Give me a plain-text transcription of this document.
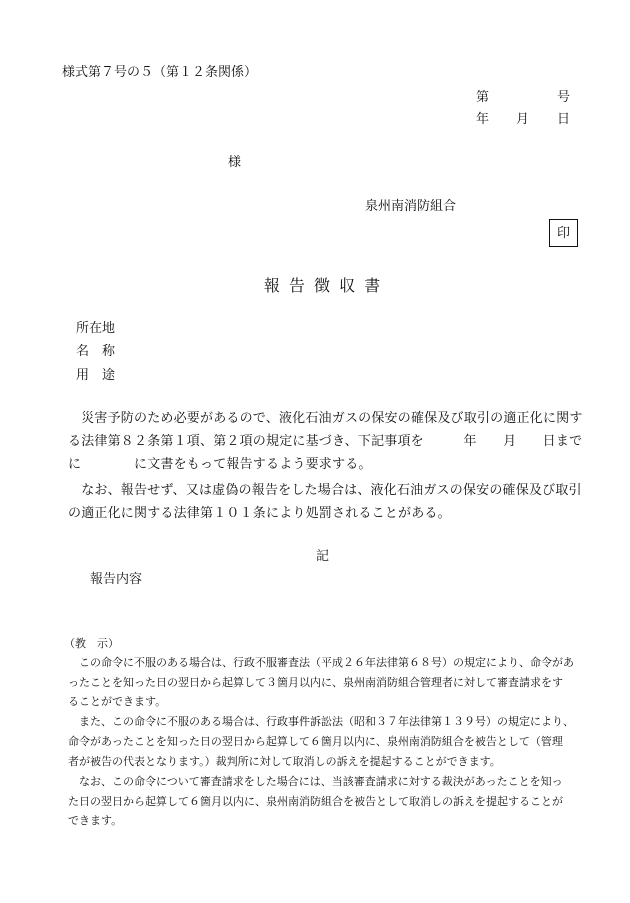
様式第７号の５（第１２条関係）
第	号
年 月 日
様
泉州南消防組合
印
報 告 徴 収 書
所在地
名　称
用　途
　災害予防のため必要があるので、液化石油ガスの保安の確保及び取引の適正化に関す
る法律第８２条第１項、第２項の規定に基づき、下記事項を　　　年　　月　　日まで
に　　　　に文書をもって報告するよう要求する。
　なお、報告せず、又は虚偽の報告をした場合は、液化石油ガスの保安の確保及び取引
の適正化に関する法律第１０１条により処罰されることがある。
記
報告内容
（教　示）
　この命令に不服のある場合は、行政不服審査法（平成２６年法律第６８号）の規定により、命令があ
ったことを知った日の翌日から起算して３箇月以内に、泉州南消防組合管理者に対して審査請求をす
ることができます。
　また、この命令に不服のある場合は、行政事件訴訟法（昭和３７年法律第１３９号）の規定により、
命令があったことを知った日の翌日から起算して６箇月以内に、泉州南消防組合を被告として（管理
者が被告の代表となります。）裁判所に対して取消しの訴えを提起することができます。
　なお、この命令について審査請求をした場合には、当該審査請求に対する裁決があったことを知っ
た日の翌日から起算して６箇月以内に、泉州南消防組合を被告として取消しの訴えを提起することが
できます。
